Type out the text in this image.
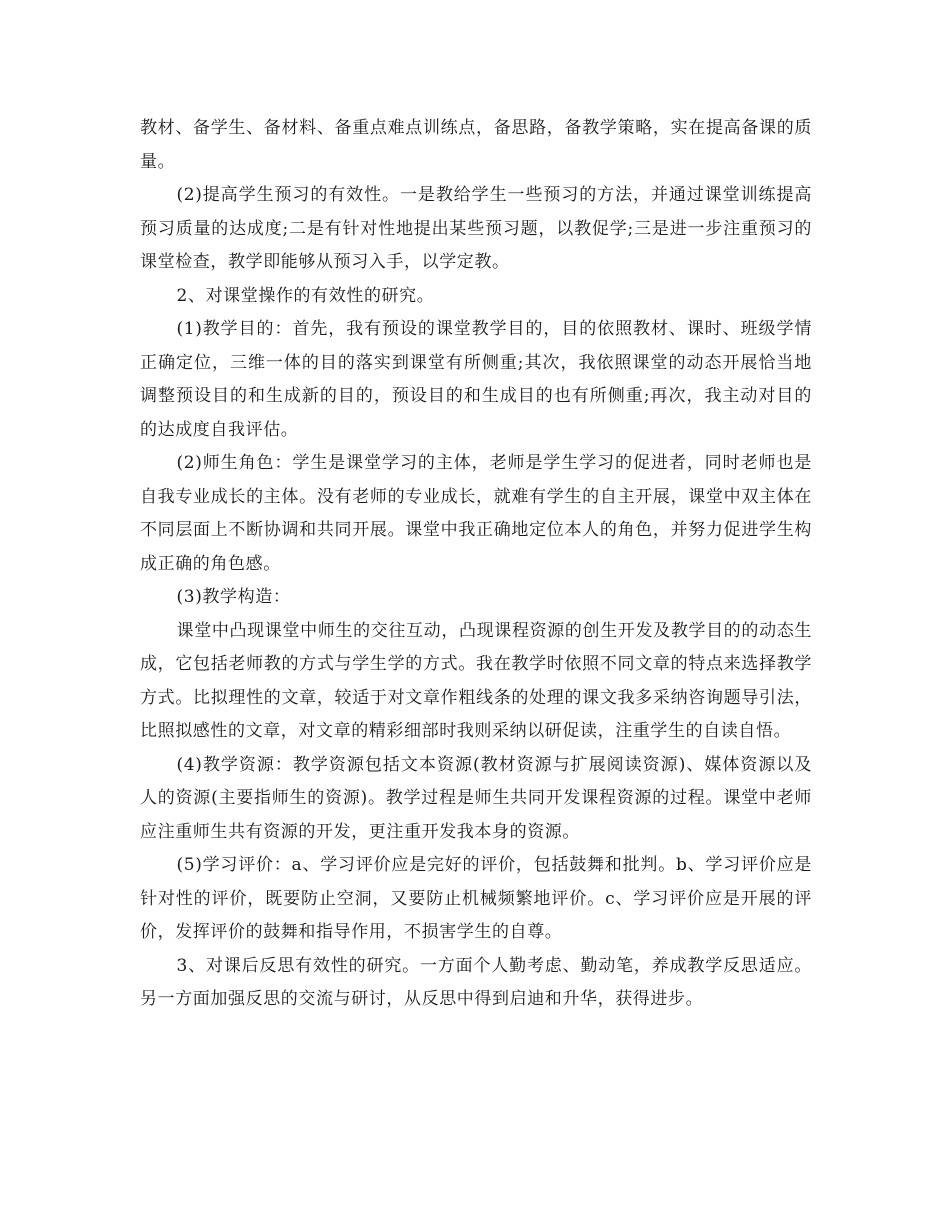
教材、备学生、备材料、备重点难点训练点，备思路，备教学策略，实在提高备课的质量。

(2)提高学生预习的有效性。一是教给学生一些预习的方法，并通过课堂训练提高预习质量的达成度;二是有针对性地提出某些预习题，以教促学;三是进一步注重预习的课堂检查，教学即能够从预习入手，以学定教。

2、对课堂操作的有效性的研究。

(1)教学目的：首先，我有预设的课堂教学目的，目的依照教材、课时、班级学情正确定位，三维一体的目的落实到课堂有所侧重;其次，我依照课堂的动态开展恰当地调整预设目的和生成新的目的，预设目的和生成目的也有所侧重;再次，我主动对目的的达成度自我评估。

(2)师生角色：学生是课堂学习的主体，老师是学生学习的促进者，同时老师也是自我专业成长的主体。没有老师的专业成长，就难有学生的自主开展，课堂中双主体在不同层面上不断协调和共同开展。课堂中我正确地定位本人的角色，并努力促进学生构成正确的角色感。

(3)教学构造：

课堂中凸现课堂中师生的交往互动，凸现课程资源的创生开发及教学目的的动态生成，它包括老师教的方式与学生学的方式。我在教学时依照不同文章的特点来选择教学方式。比拟理性的文章，较适于对文章作粗线条的处理的课文我多采纳咨询题导引法，比照拟感性的文章，对文章的精彩细部时我则采纳以研促读，注重学生的自读自悟。

(4)教学资源：教学资源包括文本资源(教材资源与扩展阅读资源)、媒体资源以及人的资源(主要指师生的资源)。教学过程是师生共同开发课程资源的过程。课堂中老师应注重师生共有资源的开发，更注重开发我本身的资源。

(5)学习评价：a、学习评价应是完好的评价，包括鼓舞和批判。b、学习评价应是针对性的评价，既要防止空洞，又要防止机械频繁地评价。c、学习评价应是开展的评价，发挥评价的鼓舞和指导作用，不损害学生的自尊。

3、对课后反思有效性的研究。一方面个人勤考虑、勤动笔，养成教学反思适应。另一方面加强反思的交流与研讨，从反思中得到启迪和升华，获得进步。
